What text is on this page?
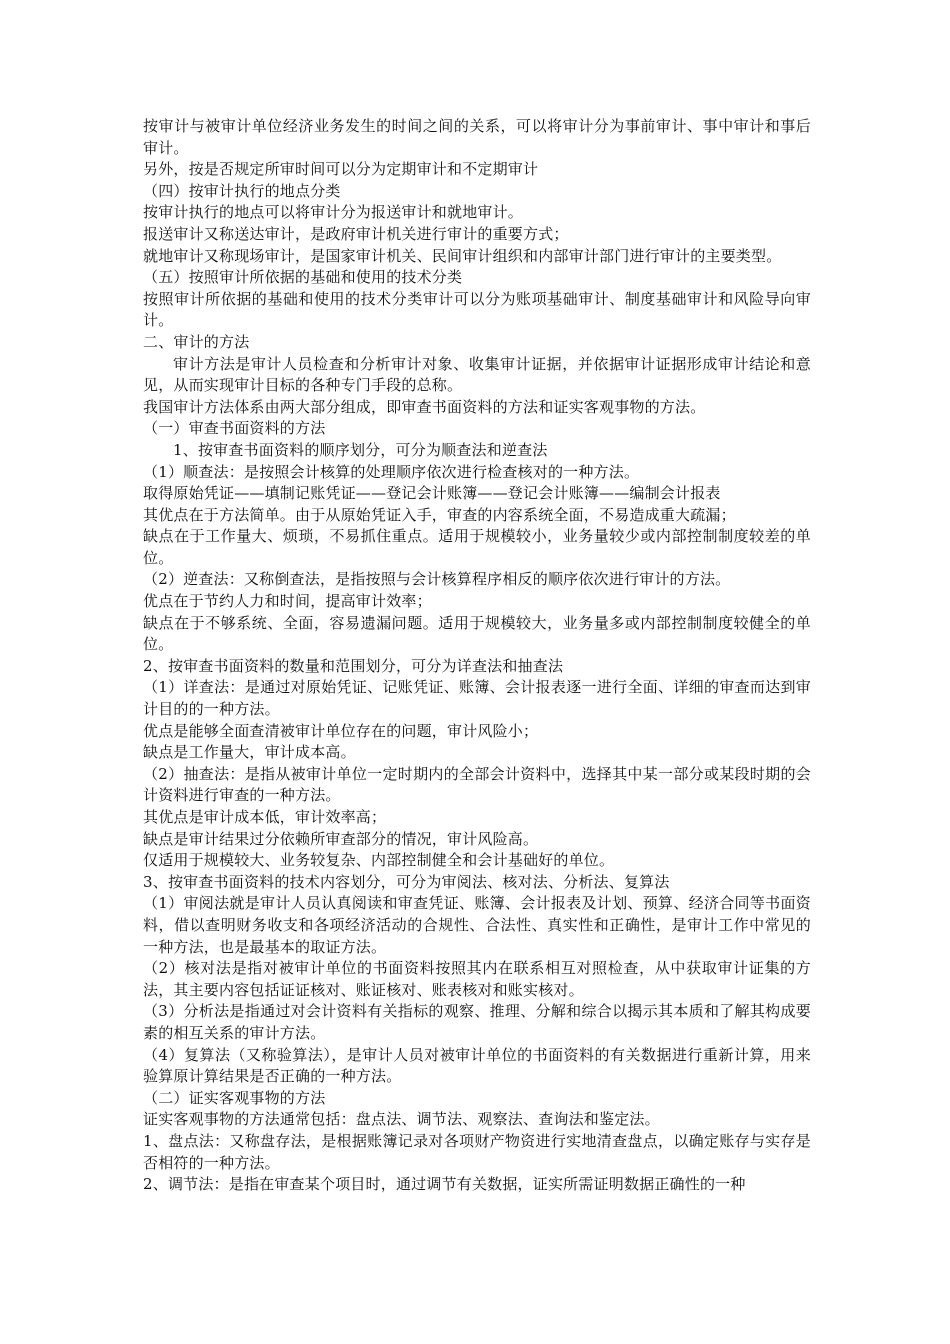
按审计与被审计单位经济业务发生的时间之间的关系，可以将审计分为事前审计、事中审计和事后审计。

另外，按是否规定所审时间可以分为定期审计和不定期审计

（四）按审计执行的地点分类

按审计执行的地点可以将审计分为报送审计和就地审计。

报送审计又称送达审计，是政府审计机关进行审计的重要方式；

就地审计又称现场审计，是国家审计机关、民间审计组织和内部审计部门进行审计的主要类型。

（五）按照审计所依据的基础和使用的技术分类

按照审计所依据的基础和使用的技术分类审计可以分为账项基础审计、制度基础审计和风险导向审计。

二、审计的方法

审计方法是审计人员检查和分析审计对象、收集审计证据，并依据审计证据形成审计结论和意见，从而实现审计目标的各种专门手段的总称。

我国审计方法体系由两大部分组成，即审查书面资料的方法和证实客观事物的方法。

（一）审查书面资料的方法

1、按审查书面资料的顺序划分，可分为顺查法和逆查法

（1）顺查法：是按照会计核算的处理顺序依次进行检查核对的一种方法。

取得原始凭证——填制记账凭证——登记会计账簿——登记会计账簿——编制会计报表

其优点在于方法简单。由于从原始凭证入手，审查的内容系统全面，不易造成重大疏漏；

缺点在于工作量大、烦琐，不易抓住重点。适用于规模较小，业务量较少或内部控制制度较差的单位。

（2）逆查法：又称倒查法，是指按照与会计核算程序相反的顺序依次进行审计的方法。

优点在于节约人力和时间，提高审计效率；

缺点在于不够系统、全面，容易遗漏问题。适用于规模较大，业务量多或内部控制制度较健全的单位。

2、按审查书面资料的数量和范围划分，可分为详查法和抽查法

（1）详查法：是通过对原始凭证、记账凭证、账簿、会计报表逐一进行全面、详细的审查而达到审计目的的一种方法。

优点是能够全面查清被审计单位存在的问题，审计风险小；

缺点是工作量大，审计成本高。

（2）抽查法：是指从被审计单位一定时期内的全部会计资料中，选择其中某一部分或某段时期的会计资料进行审查的一种方法。

其优点是审计成本低，审计效率高；

缺点是审计结果过分依赖所审查部分的情况，审计风险高。

仅适用于规模较大、业务较复杂、内部控制健全和会计基础好的单位。

3、按审查书面资料的技术内容划分，可分为审阅法、核对法、分析法、复算法

（1）审阅法就是审计人员认真阅读和审查凭证、账簿、会计报表及计划、预算、经济合同等书面资料，借以查明财务收支和各项经济活动的合规性、合法性、真实性和正确性，是审计工作中常见的一种方法，也是最基本的取证方法。

（2）核对法是指对被审计单位的书面资料按照其内在联系相互对照检查，从中获取审计证集的方法，其主要内容包括证证核对、账证核对、账表核对和账实核对。

（3）分析法是指通过对会计资料有关指标的观察、推理、分解和综合以揭示其本质和了解其构成要素的相互关系的审计方法。

（4）复算法（又称验算法），是审计人员对被审计单位的书面资料的有关数据进行重新计算，用来验算原计算结果是否正确的一种方法。

（二）证实客观事物的方法

证实客观事物的方法通常包括：盘点法、调节法、观察法、查询法和鉴定法。

1、盘点法：又称盘存法，是根据账簿记录对各项财产物资进行实地清查盘点，以确定账存与实存是否相符的一种方法。

2、调节法：是指在审查某个项目时，通过调节有关数据，证实所需证明数据正确性的一种
